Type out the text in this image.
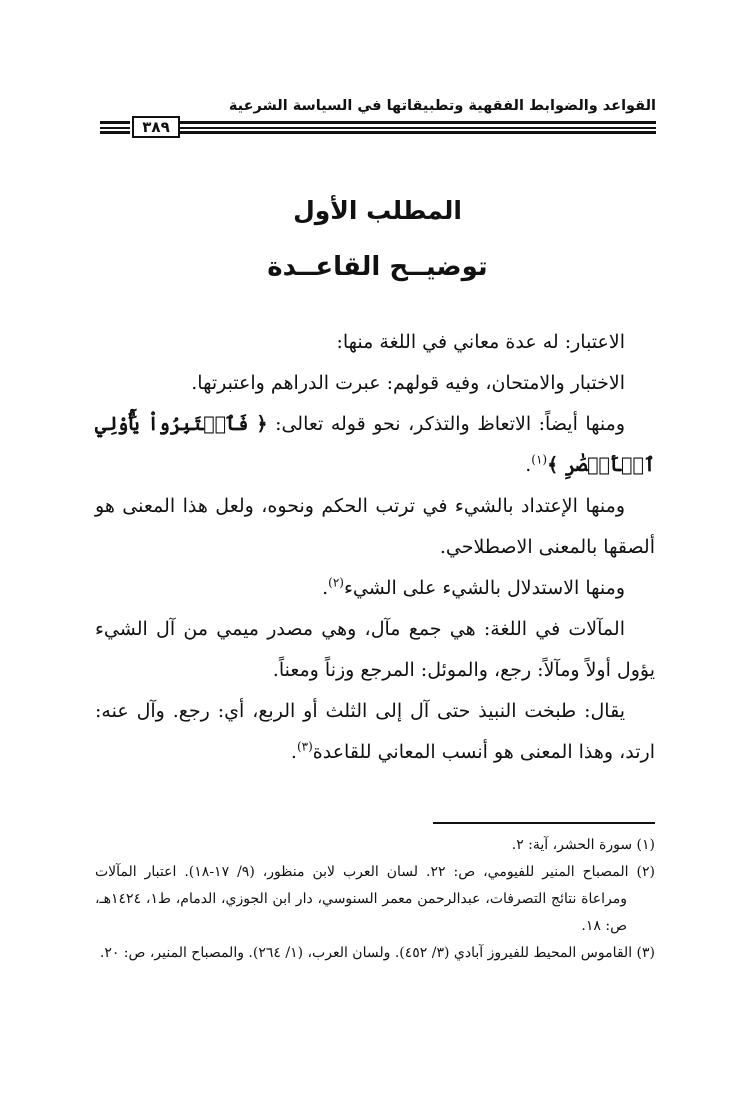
القواعد والضوابط الفقهية وتطبيقاتها في السياسة الشرعية
٣٨٩
المطلب الأول
توضيــح القاعــدة

الاعتبار: له عدة معاني في اللغة منها:

الاختبار والامتحان، وفيه قولهم: عبرت الدراهم واعتبرتها.

ومنها أيضاً: الاتعاظ والتذكر، نحو قوله تعالى: ﴿ فَٱعۡتَبِرُواْ يَٰٓأُوْلِي ٱلۡأَبۡصَٰرِ ﴾$^{(١)}$.

ومنها الإعتداد بالشيء في ترتب الحكم ونحوه، ولعل هذا المعنى هو ألصقها بالمعنى الاصطلاحي.

ومنها الاستدلال بالشيء على الشيء$^{(٢)}$.

المآلات في اللغة: هي جمع مآل، وهي مصدر ميمي من آل الشيء يؤول أولاً ومآلاً: رجع، والموئل: المرجع وزناً ومعناً.

يقال: طبخت النبيذ حتى آل إلى الثلث أو الربع، أي: رجع. وآل عنه: ارتد، وهذا المعنى هو أنسب المعاني للقاعدة$^{(٣)}$.

(١) سورة الحشر، آية: ٢.

(٢) المصباح المنير للفيومي، ص: ٢٢. لسان العرب لابن منظور، (٩/ ١٧-١٨). اعتبار المآلات ومراعاة نتائج التصرفات، عبدالرحمن معمر السنوسي، دار ابن الجوزي، الدمام، ط١، ١٤٢٤هـ، ص: ١٨.

(٣) القاموس المحيط للفيروز آبادي (٣/ ٤٥٢). ولسان العرب، (١/ ٢٦٤). والمصباح المنير، ص: ٢٠.
